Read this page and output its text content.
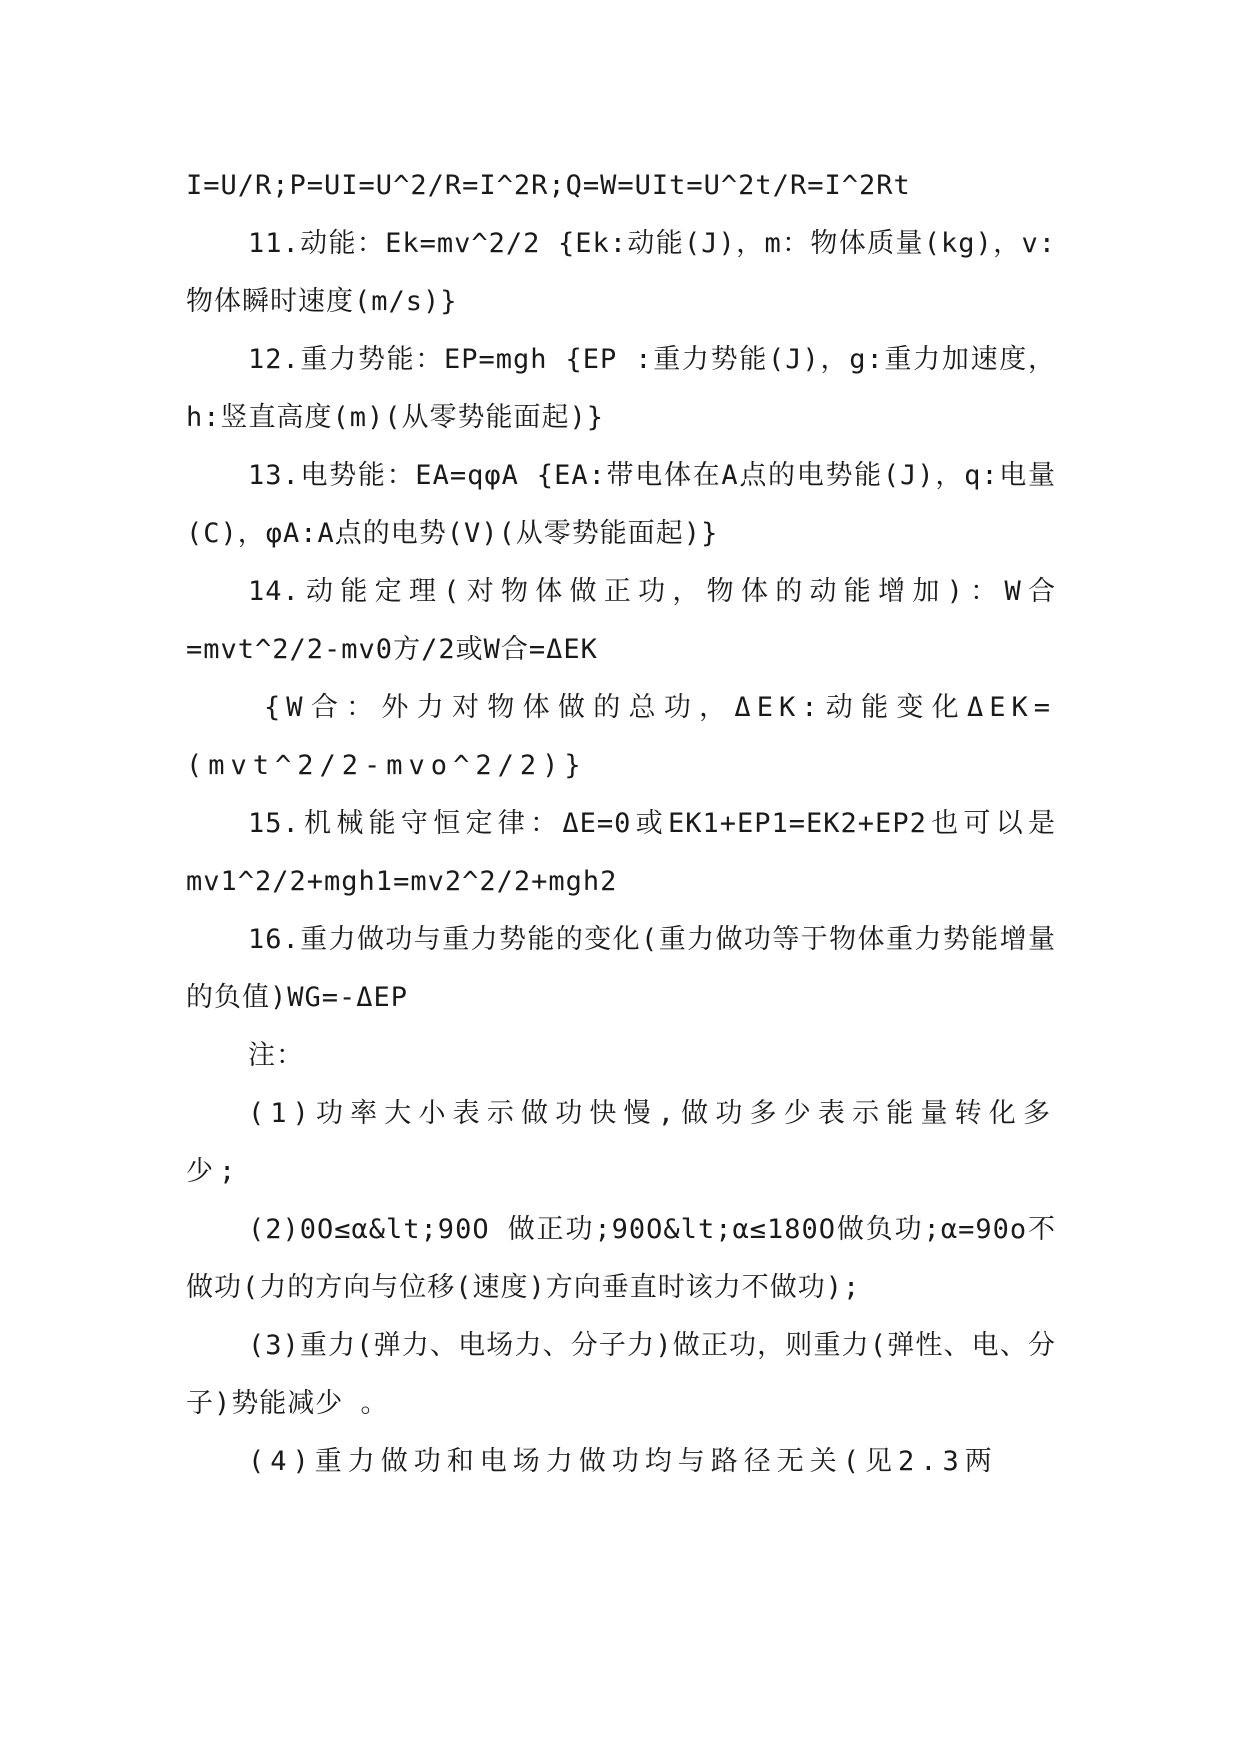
I=U/R;P=UI=U^2/R=I^2R;Q=W=UIt=U^2t/R=I^2Rt

11.动能：Ek=mv^2/2 {Ek:动能(J)，m：物体质量(kg)，v:物体瞬时速度(m/s)}

12.重力势能：EP=mgh {EP :重力势能(J)，g:重力加速度，h:竖直高度(m)(从零势能面起)}

13.电势能：EA=qφA {EA:带电体在A点的电势能(J)，q:电量(C)，φA:A点的电势(V)(从零势能面起)}

14.动能定理(对物体做正功，物体的动能增加)：W合=mvt^2/2-mv0方/2或W合=ΔEK

{W合：外力对物体做的总功，ΔEK:动能变化ΔEK=(mvt^2/2-mvo^2/2)}

15.机械能守恒定律：ΔE=0或EK1+EP1=EK2+EP2也可以是mv1^2/2+mgh1=mv2^2/2+mgh2

16.重力做功与重力势能的变化(重力做功等于物体重力势能增量的负值)WG=-ΔEP

注：

(1)功率大小表示做功快慢,做功多少表示能量转化多少;

(2)0O≤α&lt;90O 做正功;90O&lt;α≤180O做负功;α=90o不做功(力的方向与位移(速度)方向垂直时该力不做功);

(3)重力(弹力、电场力、分子力)做正功，则重力(弹性、电、分子)势能减少 。

(4)重力做功和电场力做功均与路径无关(见2.3两
